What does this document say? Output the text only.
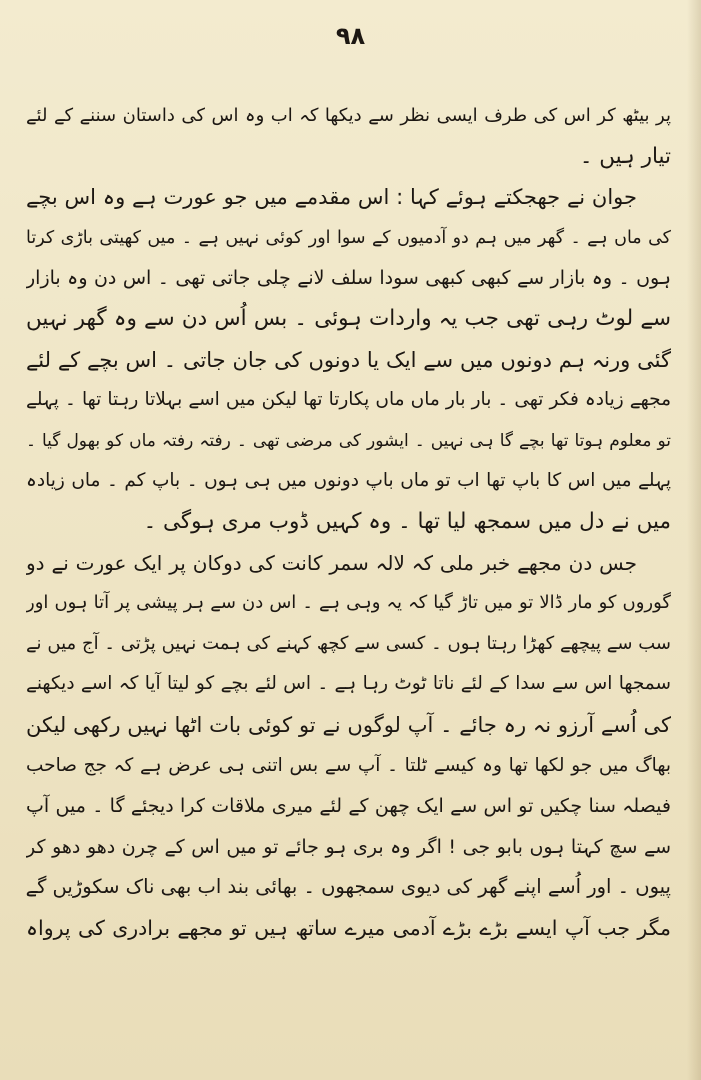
۹۸

پر بیٹھ کر اس کی طرف ایسی نظر سے دیکھا کہ اب وہ اس کی داستان سننے کے لئے
تیار ہیں ۔
جوان نے جھجکتے ہوئے کہا : اس مقدمے میں جو عورت ہے وہ اس بچے
کی ماں ہے ۔ گھر میں ہم دو آدمیوں کے سوا اور کوئی نہیں ہے ۔ میں کھیتی باڑی کرتا
ہوں ۔ وہ بازار سے کبھی کبھی سودا سلف لانے چلی جاتی تھی ۔ اس دن وہ بازار
سے لوٹ رہی تھی جب یہ واردات ہوئی ۔ بس اُس دن سے وہ گھر نہیں
گئی ورنہ ہم دونوں میں سے ایک یا دونوں کی جان جاتی ۔ اس بچے کے لئے
مجھے زیادہ فکر تھی ۔ بار بار ماں ماں پکارتا تھا لیکن میں اسے بہلاتا رہتا تھا ۔ پہلے
تو معلوم ہوتا تھا بچے گا ہی نہیں ۔ ایشور کی مرضی تھی ۔ رفتہ رفتہ ماں کو بھول گیا ۔
پہلے میں اس کا باپ تھا اب تو ماں باپ دونوں میں ہی ہوں ۔ باپ کم ۔ ماں زیادہ
میں نے دل میں سمجھ لیا تھا ۔ وہ کہیں ڈوب مری ہوگی ۔
جس دن مجھے خبر ملی کہ لالہ سمر کانت کی دوکان پر ایک عورت نے دو
گوروں کو مار ڈالا تو میں تاڑ گیا کہ یہ وہی ہے ۔ اس دن سے ہر پیشی پر آتا ہوں اور
سب سے پیچھے کھڑا رہتا ہوں ۔ کسی سے کچھ کہنے کی ہمت نہیں پڑتی ۔ آج میں نے
سمجھا اس سے سدا کے لئے ناتا ٹوٹ رہا ہے ۔ اس لئے بچے کو لیتا آیا کہ اسے دیکھنے
کی اُسے آرزو نہ رہ جائے ۔ آپ لوگوں نے تو کوئی بات اٹھا نہیں رکھی لیکن
بھاگ میں جو لکھا تھا وہ کیسے ٹلتا ۔ آپ سے بس اتنی ہی عرض ہے کہ جج صاحب
فیصلہ سنا چکیں تو اس سے ایک چھن کے لئے میری ملاقات کرا دیجئے گا ۔ میں آپ
سے سچ کہتا ہوں بابو جی ! اگر وہ بری ہو جائے تو میں اس کے چرن دھو دھو کر
پیوں ۔ اور اُسے اپنے گھر کی دیوی سمجھوں ۔ بھائی بند اب بھی ناک سکوڑیں گے
مگر جب آپ ایسے بڑے بڑے آدمی میرے ساتھ ہیں تو مجھے برادری کی پرواہ
